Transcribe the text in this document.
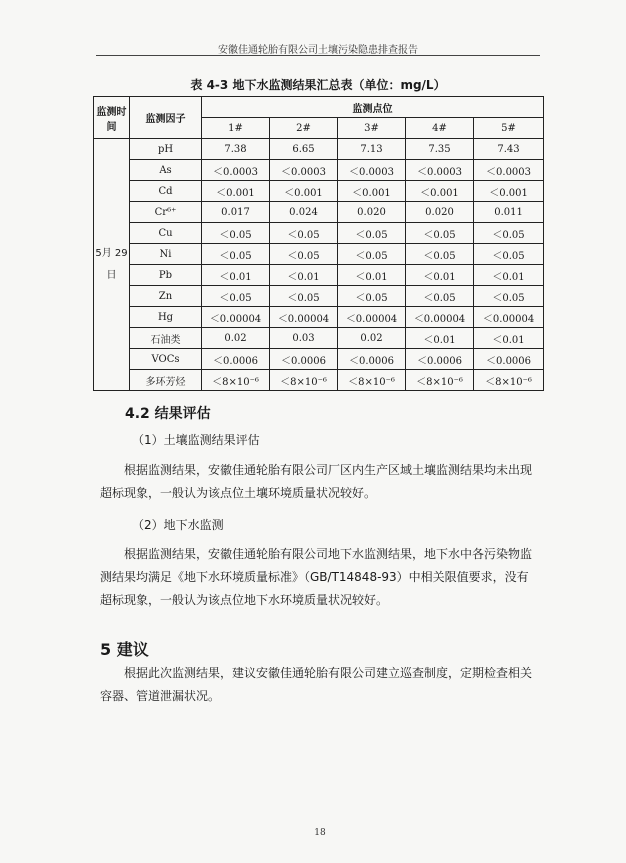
安徽佳通轮胎有限公司土壤污染隐患排查报告
表 4-3 地下水监测结果汇总表（单位：mg/L）
监测时间	监测因子	监测点位				
		1#	2#	3#	4#	5#
5月 29日	pH	7.38	6.65	7.13	7.35	7.43
	As	＜0.0003	＜0.0003	＜0.0003	＜0.0003	＜0.0003
	Cd	＜0.001	＜0.001	＜0.001	＜0.001	＜0.001
	Cr⁶⁺	0.017	0.024	0.020	0.020	0.011
	Cu	＜0.05	＜0.05	＜0.05	＜0.05	＜0.05
	Ni	＜0.05	＜0.05	＜0.05	＜0.05	＜0.05
	Pb	＜0.01	＜0.01	＜0.01	＜0.01	＜0.01
	Zn	＜0.05	＜0.05	＜0.05	＜0.05	＜0.05
	Hg	＜0.00004	＜0.00004	＜0.00004	＜0.00004	＜0.00004
	石油类	0.02	0.03	0.02	＜0.01	＜0.01
	VOCs	＜0.0006	＜0.0006	＜0.0006	＜0.0006	＜0.0006
	多环芳烃	＜8×10⁻⁶	＜8×10⁻⁶	＜8×10⁻⁶	＜8×10⁻⁶	＜8×10⁻⁶
4.2 结果评估
（1）土壤监测结果评估
根据监测结果，安徽佳通轮胎有限公司厂区内生产区域土壤监测结果均未出现超标现象，一般认为该点位土壤环境质量状况较好。
（2）地下水监测
根据监测结果，安徽佳通轮胎有限公司地下水监测结果，地下水中各污染物监测结果均满足《地下水环境质量标准》（GB/T14848-93）中相关限值要求，没有超标现象，一般认为该点位地下水环境质量状况较好。
5 建议
根据此次监测结果，建议安徽佳通轮胎有限公司建立巡查制度，定期检查相关容器、管道泄漏状况。
18
